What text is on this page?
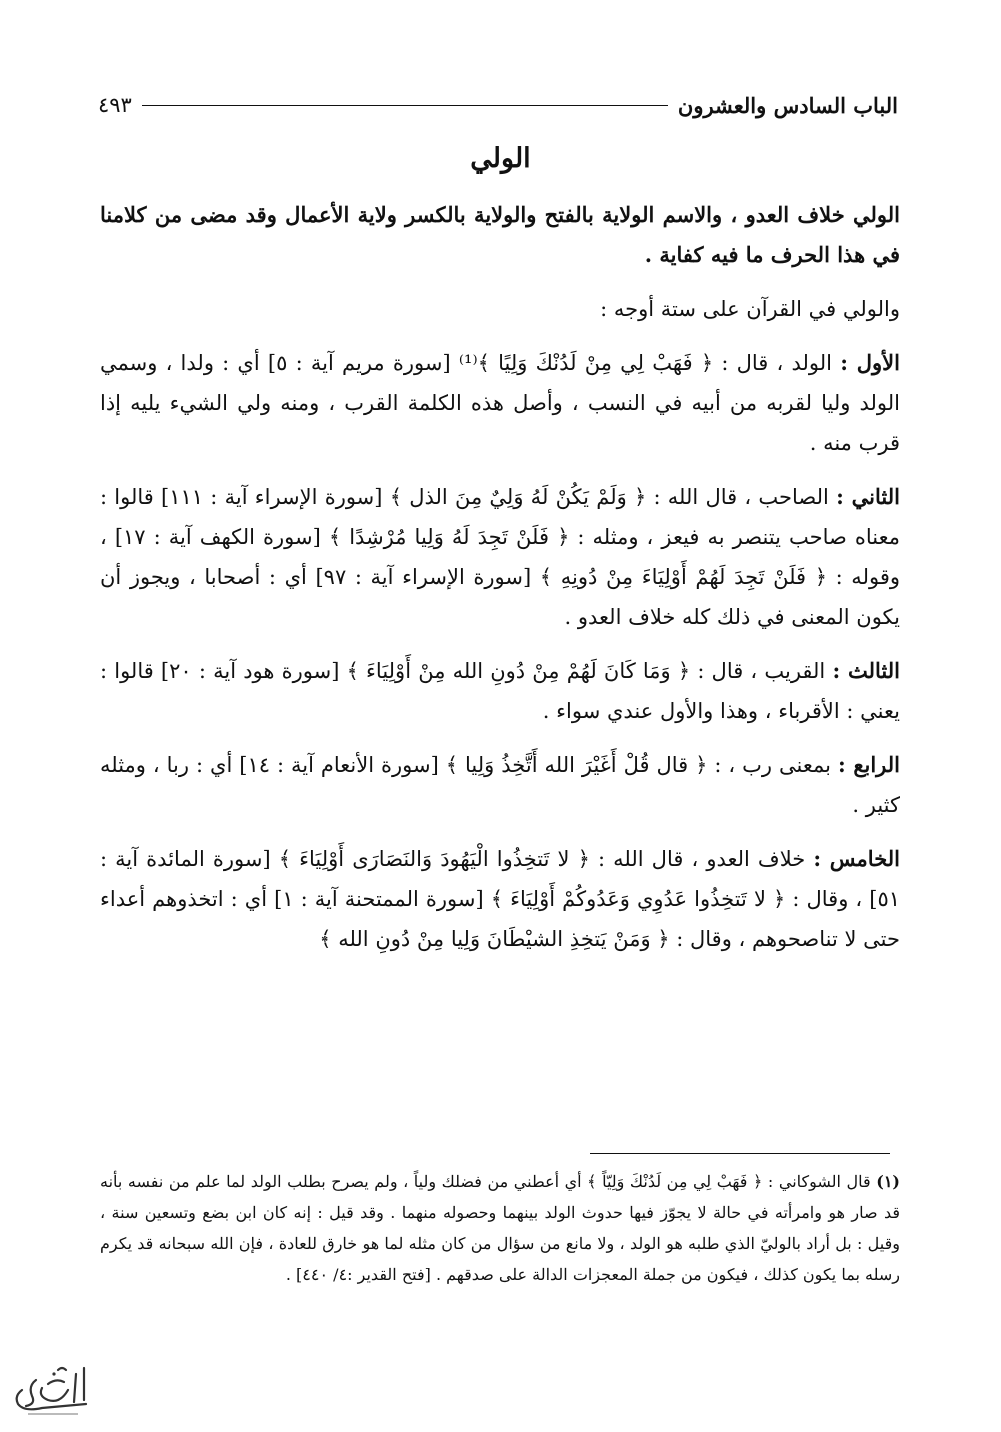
الباب السادس والعشرون
٤٩٣
الولي

الولي خلاف العدو ، والاسم الولاية بالفتح والولاية بالكسر ولاية الأعمال وقد مضى من كلامنا في هذا الحرف ما فيه كفاية .

والولي في القرآن على ستة أوجه :

الأول : الولد ، قال : ﴿ فَهَبْ لِي مِنْ لَدُنْكَ وَلِيًا ﴾⁽¹⁾ [سورة مريم آية : ٥] أي : ولدا ، وسمي الولد وليا لقربه من أبيه في النسب ، وأصل هذه الكلمة القرب ، ومنه ولي الشيء يليه إذا قرب منه .

الثاني : الصاحب ، قال الله : ﴿ وَلَمْ يَكُنْ لَهُ وَلِيٌ مِنَ الذل ﴾ [سورة الإسراء آية : ١١١] قالوا : معناه صاحب يتنصر به فيعز ، ومثله : ﴿ فَلَنْ تَجِدَ لَهُ وَلِيا مُرْشِدًا ﴾ [سورة الكهف آية : ١٧] ، وقوله : ﴿ فَلَنْ تَجِدَ لَهُمْ أَوْلِيَاءَ مِنْ دُونِهِ ﴾ [سورة الإسراء آية : ٩٧] أي : أصحابا ، ويجوز أن يكون المعنى في ذلك كله خلاف العدو .

الثالث : القريب ، قال : ﴿ وَمَا كَانَ لَهُمْ مِنْ دُونِ الله مِنْ أَوْلِيَاءَ ﴾ [سورة هود آية : ٢٠] قالوا : يعني : الأقرباء ، وهذا والأول عندي سواء .

الرابع : بمعنى رب ، : ﴿ قال قُلْ أَغَيْرَ الله أَتَّخِذُ وَلِيا ﴾ [سورة الأنعام آية : ١٤] أي : ربا ، ومثله كثير .

الخامس : خلاف العدو ، قال الله : ﴿ لا تَتخِذُوا الْيَهُودَ وَالنَصَارَى أَوْلِيَاءَ ﴾ [سورة المائدة آية : ٥١] ، وقال : ﴿ لا تَتخِذُوا عَدُوِي وَعَدُوكُمْ أَوْلِيَاءَ ﴾ [سورة الممتحنة آية : ١] أي : اتخذوهم أعداء حتى لا تناصحوهم ، وقال : ﴿ وَمَنْ يَتخِذِ الشيْطَانَ وَلِيا مِنْ دُونِ الله ﴾

(١) قال الشوكاني : ﴿ فَهَبْ لِي مِن لَدُنْكَ وَلِيّاً ﴾ أي أعطني من فضلك ولياً ، ولم يصرح بطلب الولد لما علم من نفسه بأنه قد صار هو وامرأته في حالة لا يجوّز فيها حدوث الولد بينهما وحصوله منهما . وقد قيل : إنه كان ابن بضع وتسعين سنة ، وقيل : بل أراد بالوليّ الذي طلبه هو الولد ، ولا مانع من سؤال من كان مثله لما هو خارق للعادة ، فإن الله سبحانه قد يكرم رسله بما يكون كذلك ، فيكون من جملة المعجزات الدالة على صدقهم . [فتح القدير :٤/ ٤٤٠] .
